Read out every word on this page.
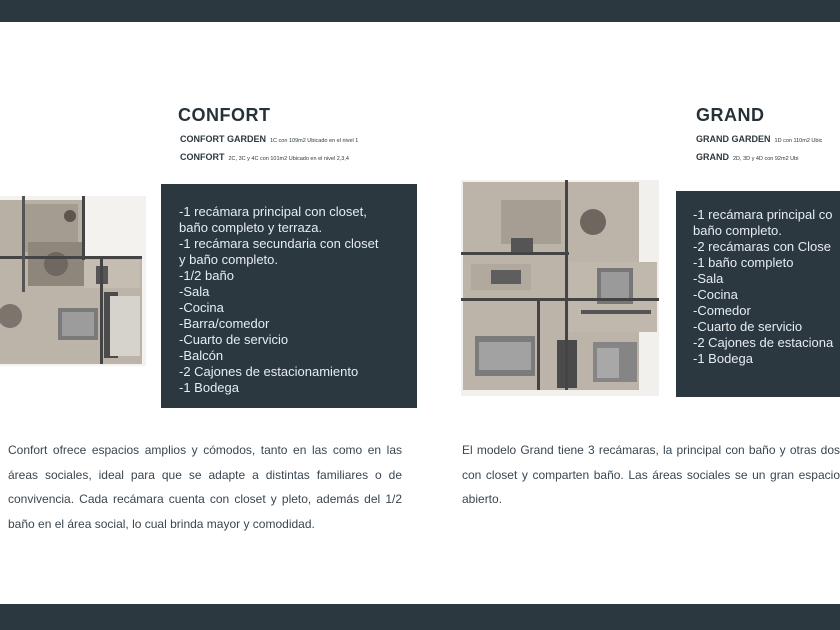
CONFORT
CONFORT GARDEN 1C con 109m2 Ubicado en el nivel 1
CONFORT 2C, 3C y 4C con 101m2 Ubicado en el nivel 2,3,4
-1 recámara principal con closet,
baño completo y terraza.
-1 recámara secundaria con closet
y baño completo.
-1/2 baño
-Sala
-Cocina
-Barra/comedor
-Cuarto de servicio
-Balcón
-2 Cajones de estacionamiento
-1 Bodega
Confort ofrece espacios amplios y cómodos, tanto en las como en las áreas sociales, ideal para que se adapte a distintas familiares o de convivencia. Cada recámara cuenta con closet y pleto, además del 1/2 baño en el área social, lo cual brinda mayor y comodidad.
GRAND
GRAND GARDEN 1D con 110m2 Ubic
GRAND 2D, 3D y 4D con 92m2 Ubi
-1 recámara principal co
baño completo.
-2 recámaras con Close
-1 baño completo
-Sala
-Cocina
-Comedor
-Cuarto de servicio
-2 Cajones de estaciona
-1 Bodega
El modelo Grand tiene 3 recámaras, la principal con baño y otras dos con closet y comparten baño. Las áreas sociales se un gran espacio abierto.
